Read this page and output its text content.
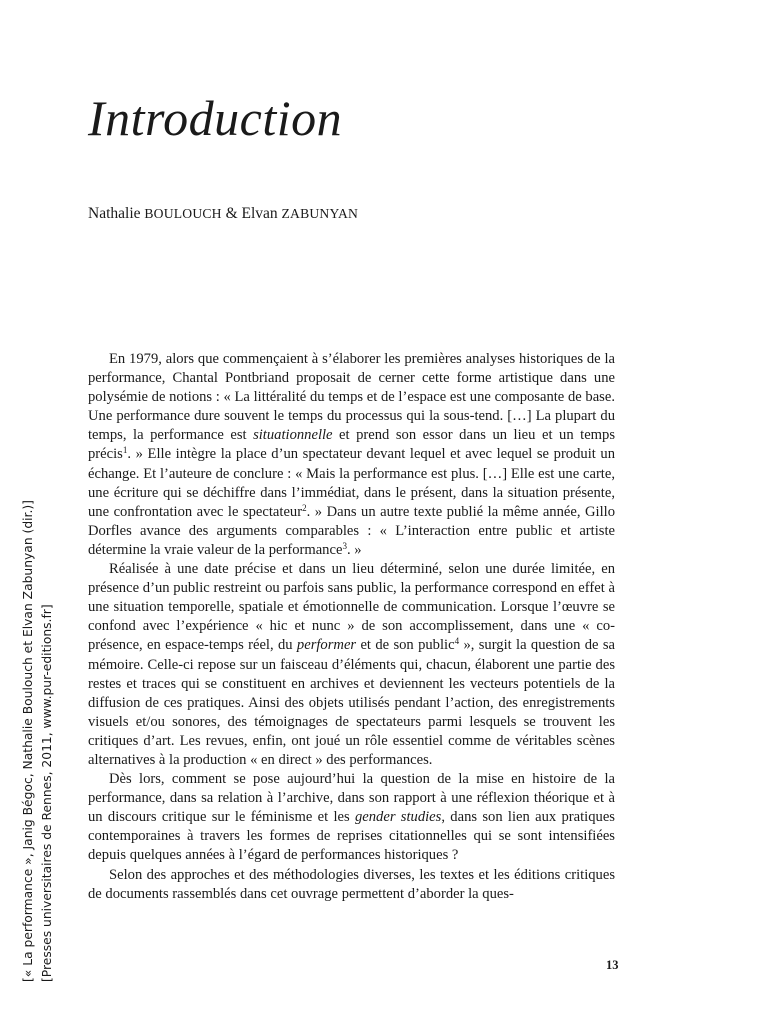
Introduction
Nathalie BOULOUCH & Elvan ZABUNYAN

En 1979, alors que commençaient à s’élaborer les premières analyses historiques de la performance, Chantal Pontbriand proposait de cerner cette forme artistique dans une polysémie de notions : « La littéralité du temps et de l’espace est une composante de base. Une performance dure souvent le temps du processus qui la sous-tend. […] La plupart du temps, la performance est situationnelle et prend son essor dans un lieu et un temps précis$^1$. » Elle intègre la place d’un spectateur devant lequel et avec lequel se produit un échange. Et l’auteure de conclure : « Mais la performance est plus. […] Elle est une carte, une écriture qui se déchiffre dans l’immédiat, dans le présent, dans la situation présente, une confrontation avec le spectateur$^2$. » Dans un autre texte publié la même année, Gillo Dorfles avance des arguments comparables : « L’interaction entre public et artiste détermine la vraie valeur de la performance$^3$. »

Réalisée à une date précise et dans un lieu déterminé, selon une durée limitée, en présence d’un public restreint ou parfois sans public, la performance correspond en effet à une situation temporelle, spatiale et émotionnelle de communication. Lorsque l’œuvre se confond avec l’expérience « hic et nunc » de son accomplissement, dans une « co-présence, en espace-temps réel, du performer et de son public$^4$ », surgit la question de sa mémoire. Celle-ci repose sur un faisceau d’éléments qui, chacun, élaborent une partie des restes et traces qui se constituent en archives et deviennent les vecteurs potentiels de la diffusion de ces pratiques. Ainsi des objets utilisés pendant l’action, des enregistrements visuels et/ou sonores, des témoignages de spectateurs parmi lesquels se trouvent les critiques d’art. Les revues, enfin, ont joué un rôle essentiel comme de véritables scènes alternatives à la production « en direct » des performances.

Dès lors, comment se pose aujourd’hui la question de la mise en histoire de la performance, dans sa relation à l’archive, dans son rapport à une réflexion théorique et à un discours critique sur le féminisme et les gender studies, dans son lien aux pratiques contemporaines à travers les formes de reprises citationnelles qui se sont intensifiées depuis quelques années à l’égard de performances historiques ?

Selon des approches et des méthodologies diverses, les textes et les éditions critiques de documents rassemblés dans cet ouvrage permettent d’aborder la ques-

13
[« La performance », Janig Bégoc, Nathalie Boulouch et Elvan Zabunyan (dir.)] [Presses universitaires de Rennes, 2011, www.pur-editions.fr]
